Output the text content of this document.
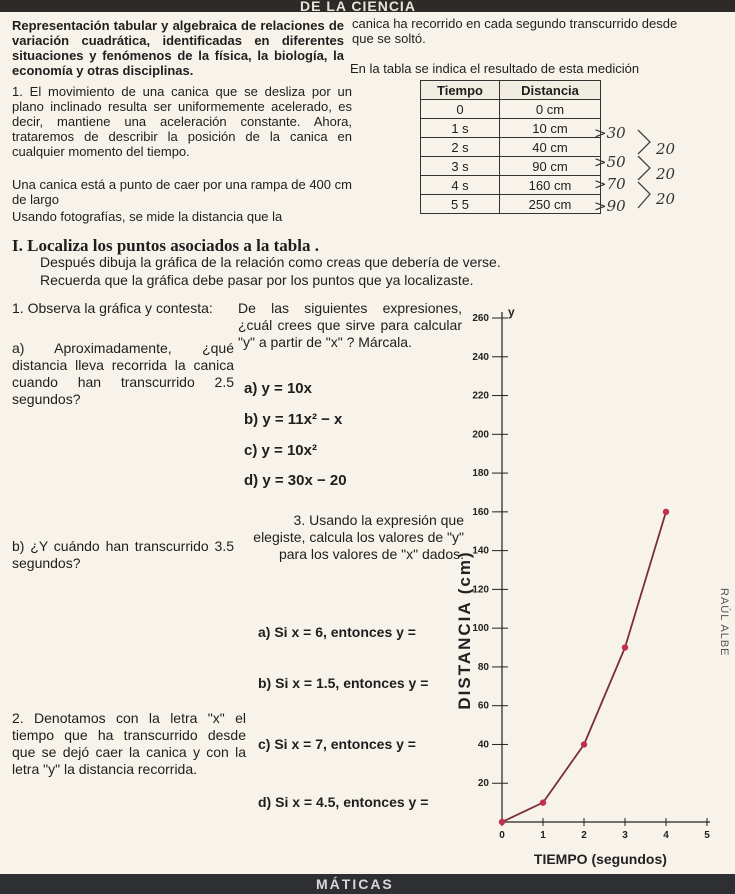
DE LA CIENCIA
Representación tabular y algebraica de relaciones de variación cuadrática, identificadas en diferentes situaciones y fenómenos de la física, la biología, la economía y otras disciplinas.
1. El movimiento de una canica que se desliza por un plano inclinado resulta ser uniformemente acelerado, es decir, mantiene una aceleración constante. Ahora, trataremos de describir la posición de la canica en cualquier momento del tiempo.
Una canica está a punto de caer por una rampa de 400 cm de largo
Usando fotografías, se mide la distancia que la
canica ha recorrido en cada segundo transcurrido desde que se soltó.
En la tabla se indica el resultado de esta medición
Tiempo	Distancia
0	0 cm
1 s	10 cm
2 s	40 cm
3 s	90 cm
4 s	160 cm
5 5	250 cm
>30
>50
>70
>90
20
20
20
I. Localiza los puntos asociados a la tabla .
Después dibuja la gráfica de la relación como creas que debería de verse.
Recuerda que la gráfica debe pasar por los puntos que ya localizaste.
1. Observa la gráfica y contesta:
a) Aproximadamente, ¿qué distancia lleva recorrida la canica cuando han transcurrido 2.5 segundos?
b) ¿Y cuándo han transcurrido 3.5 segundos?
De las siguientes expresiones, ¿cuál crees que sirve para calcular "y" a partir de "x" ? Márcala.
a) y = 10x
b) y = 11x² − x
c) y = 10x²
d) y = 30x − 20
3. Usando la expresión que elegiste, calcula los valores de "y" para los valores de "x" dados.
a) Si x = 6, entonces y =
b) Si x = 1.5, entonces y =
c) Si x = 7, entonces y =
d) Si x = 4.5, entonces y =
2. Denotamos con la letra "x" el tiempo que ha transcurrido desde que se dejó caer la canica y con la letra "y" la distancia recorrida.
RAÚL ALBE
20
40
60
80
100
120
140
160
180
200
220
240
260
0	1	2	3	4	5
y
DISTANCIA (cm)
TIEMPO (segundos)
MÁTICAS
